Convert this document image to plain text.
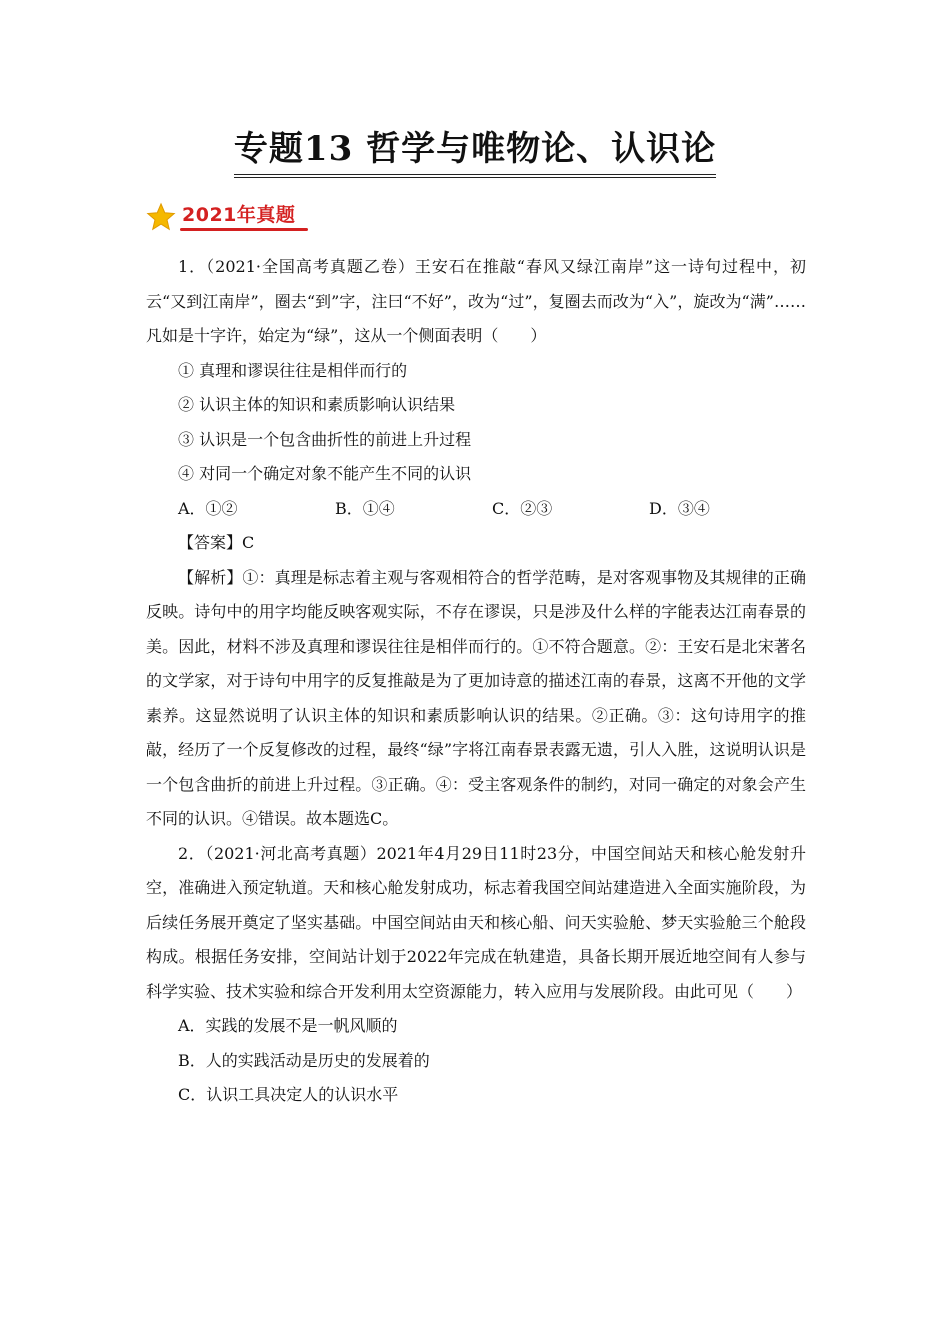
专题13 哲学与唯物论、认识论
2021年真题

1．（2021·全国高考真题乙卷）王安石在推敲“春风又绿江南岸”这一诗句过程中，初云“又到江南岸”，圈去“到”字，注曰“不好”，改为“过”，复圈去而改为“入”，旋改为“满”……凡如是十字许，始定为“绿”，这从一个侧面表明（　　）

① 真理和谬误往往是相伴而行的

② 认识主体的知识和素质影响认识结果

③ 认识是一个包含曲折性的前进上升过程

④ 对同一个确定对象不能产生不同的认识

A．①②	B．①④	C．②③	D．③④

【答案】C

【解析】①：真理是标志着主观与客观相符合的哲学范畴，是对客观事物及其规律的正确反映。诗句中的用字均能反映客观实际，不存在谬误，只是涉及什么样的字能表达江南春景的美。因此，材料不涉及真理和谬误往往是相伴而行的。①不符合题意。②：王安石是北宋著名的文学家，对于诗句中用字的反复推敲是为了更加诗意的描述江南的春景，这离不开他的文学素养。这显然说明了认识主体的知识和素质影响认识的结果。②正确。③：这句诗用字的推敲，经历了一个反复修改的过程，最终“绿”字将江南春景表露无遗，引人入胜，这说明认识是一个包含曲折的前进上升过程。③正确。④：受主客观条件的制约，对同一确定的对象会产生不同的认识。④错误。故本题选C。

2．（2021·河北高考真题）2021年4月29日11时23分，中国空间站天和核心舱发射升空，准确进入预定轨道。天和核心舱发射成功，标志着我国空间站建造进入全面实施阶段，为后续任务展开奠定了坚实基础。中国空间站由天和核心船、问天实验舱、梦天实验舱三个舱段构成。根据任务安排，空间站计划于2022年完成在轨建造，具备长期开展近地空间有人参与科学实验、技术实验和综合开发利用太空资源能力，转入应用与发展阶段。由此可见（　　）

A．实践的发展不是一帆风顺的

B．人的实践活动是历史的发展着的

C．认识工具决定人的认识水平
